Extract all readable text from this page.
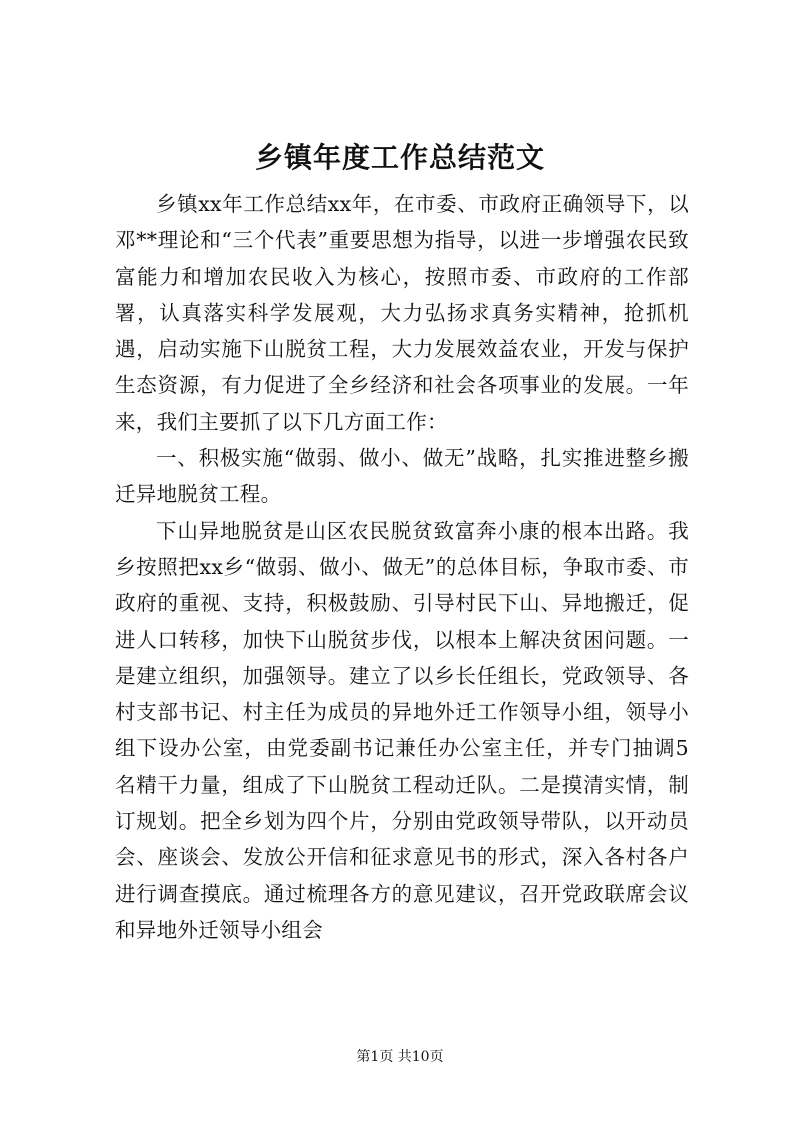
乡镇年度工作总结范文

乡镇xx年工作总结xx年，在市委、市政府正确领导下，以邓**理论和“三个代表”重要思想为指导，以进一步增强农民致富能力和增加农民收入为核心，按照市委、市政府的工作部署，认真落实科学发展观，大力弘扬求真务实精神，抢抓机遇，启动实施下山脱贫工程，大力发展效益农业，开发与保护生态资源，有力促进了全乡经济和社会各项事业的发展。一年来，我们主要抓了以下几方面工作：

一、积极实施“做弱、做小、做无”战略，扎实推进整乡搬迁异地脱贫工程。

下山异地脱贫是山区农民脱贫致富奔小康的根本出路。我乡按照把xx乡“做弱、做小、做无”的总体目标，争取市委、市政府的重视、支持，积极鼓励、引导村民下山、异地搬迁，促进人口转移，加快下山脱贫步伐，以根本上解决贫困问题。一是建立组织，加强领导。建立了以乡长任组长，党政领导、各村支部书记、村主任为成员的异地外迁工作领导小组，领导小组下设办公室，由党委副书记兼任办公室主任，并专门抽调5名精干力量，组成了下山脱贫工程动迁队。二是摸清实情，制订规划。把全乡划为四个片，分别由党政领导带队，以开动员会、座谈会、发放公开信和征求意见书的形式，深入各村各户进行调查摸底。通过梳理各方的意见建议，召开党政联席会议和异地外迁领导小组会

第1页 共10页
